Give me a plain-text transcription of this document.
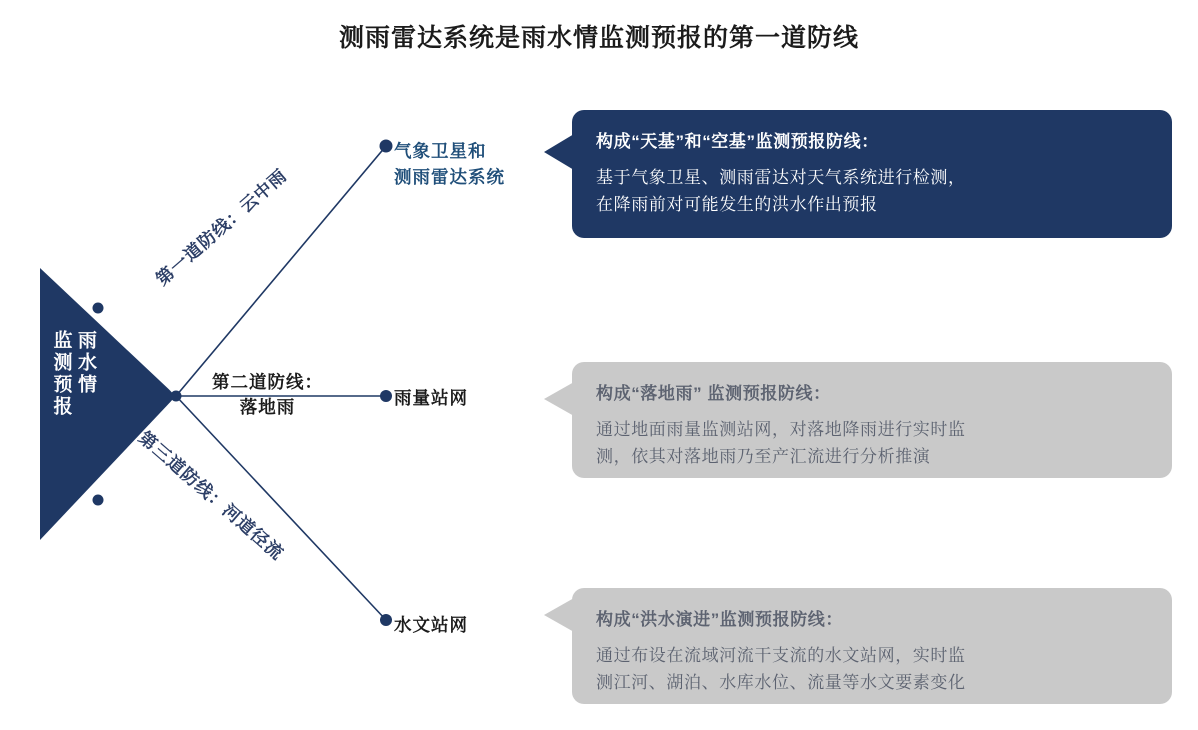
测雨雷达系统是雨水情监测预报的第一道防线
监测预报 雨水情
第一道防线：云中雨
第二道防线：
落地雨
第三道防线：河道径流
气象卫星和
测雨雷达系统
雨量站网
水文站网
构成“天基”和“空基”监测预报防线：
基于气象卫星、测雨雷达对天气系统进行检测，
在降雨前对可能发生的洪水作出预报
构成“落地雨” 监测预报防线：
通过地面雨量监测站网，对落地降雨进行实时监
测，依其对落地雨乃至产汇流进行分析推演
构成“洪水演进”监测预报防线：
通过布设在流域河流干支流的水文站网，实时监
测江河、湖泊、水库水位、流量等水文要素变化
